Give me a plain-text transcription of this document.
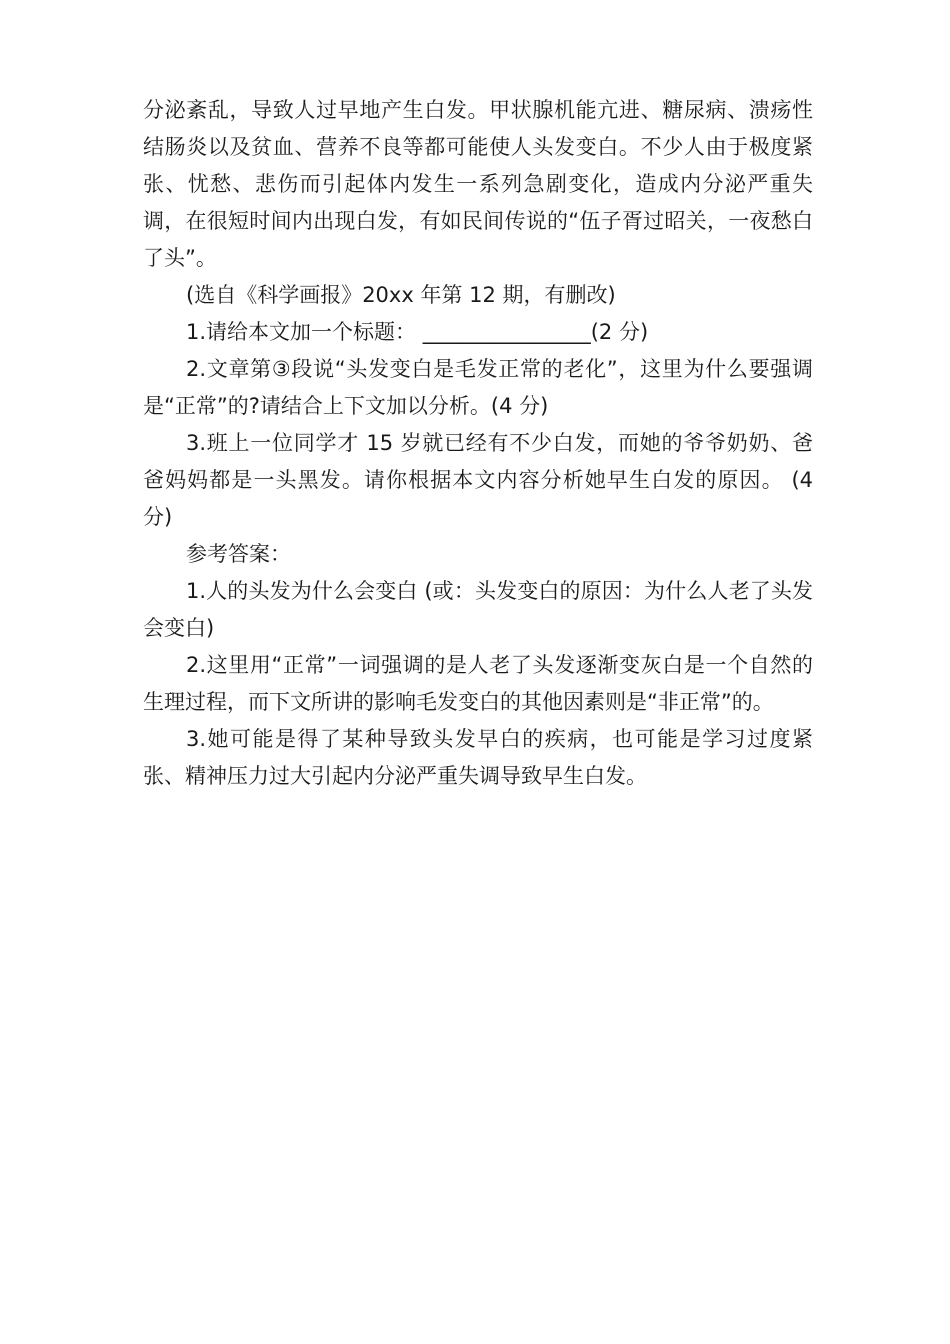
分泌紊乱，导致人过早地产生白发。甲状腺机能亢进、糖尿病、溃疡性结肠炎以及贫血、营养不良等都可能使人头发变白。不少人由于极度紧张、忧愁、悲伤而引起体内发生一系列急剧变化，造成内分泌严重失调，在很短时间内出现白发，有如民间传说的“伍子胥过昭关，一夜愁白了头”。

(选自《科学画报》20xx 年第 12 期，有删改)

1.请给本文加一个标题： ________________(2 分)

2.文章第③段说“头发变白是毛发正常的老化”，这里为什么要强调是“正常”的?请结合上下文加以分析。(4 分)

3.班上一位同学才 15 岁就已经有不少白发，而她的爷爷奶奶、爸爸妈妈都是一头黑发。请你根据本文内容分析她早生白发的原因。 (4 分)

参考答案：

1.人的头发为什么会变白 (或：头发变白的原因：为什么人老了头发会变白)

2.这里用“正常”一词强调的是人老了头发逐渐变灰白是一个自然的生理过程，而下文所讲的影响毛发变白的其他因素则是“非正常”的。

3.她可能是得了某种导致头发早白的疾病，也可能是学习过度紧张、精神压力过大引起内分泌严重失调导致早生白发。
